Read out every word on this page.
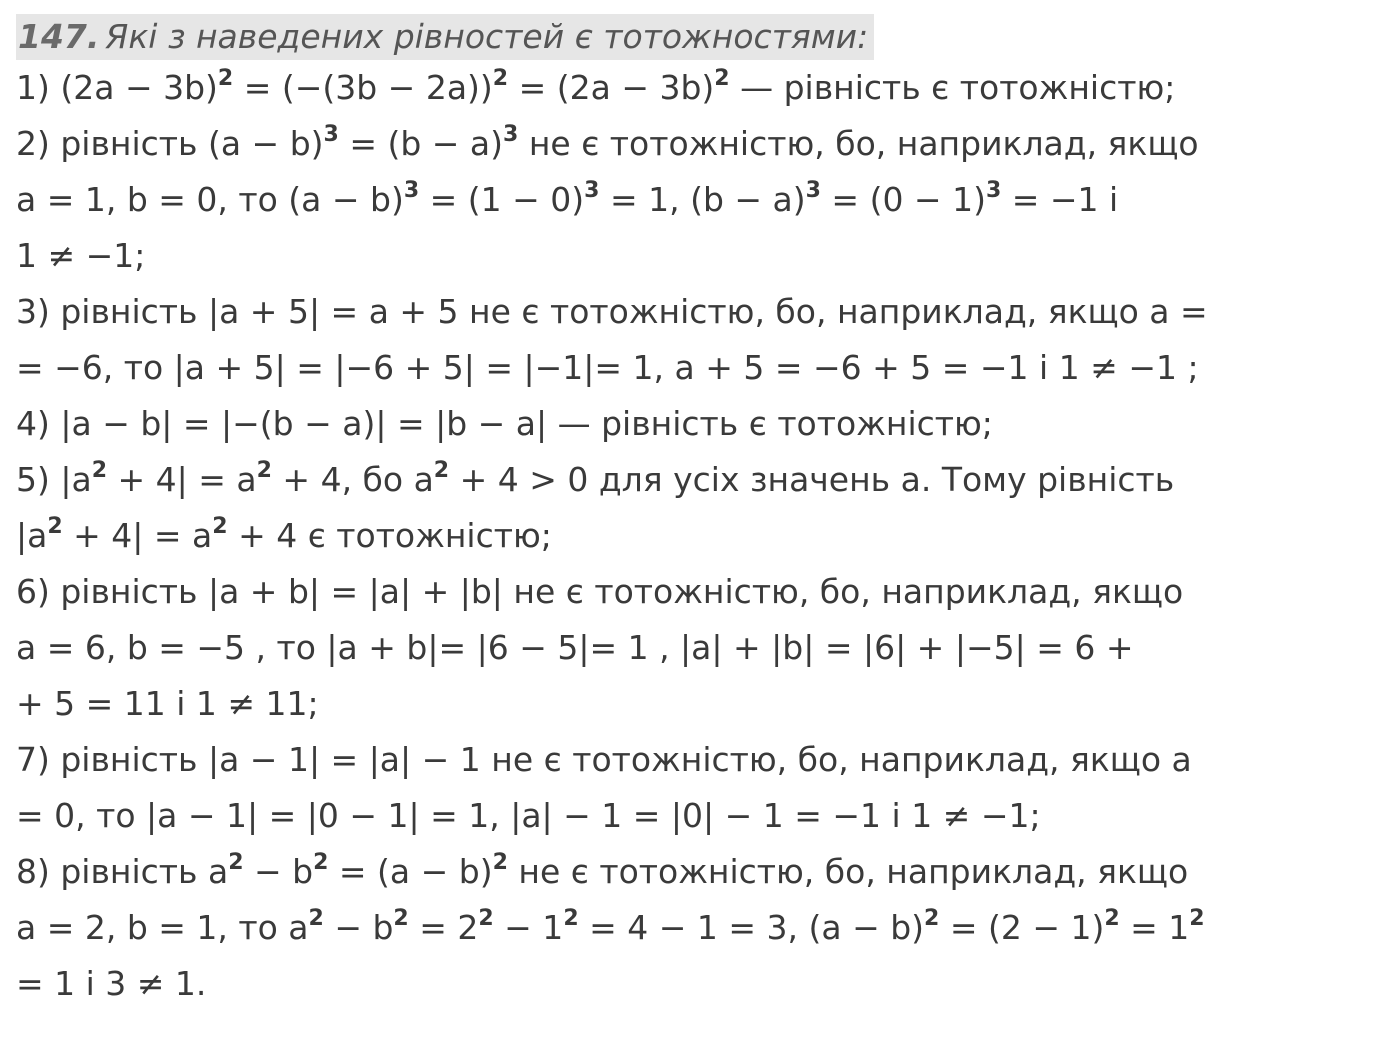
147. Які з наведених рівностей є тотожностями:
1) $(2a - 3b)^2 = (-(3b - 2a))^2 = (2a - 3b)^2$ — рівність є тотожністю;
2) рівність $(a - b)^3 = (b - a)^3$ не є тотожністю, бо, наприклад, якщо
a = 1, b = 0, то $(a - b)^3 = (1 - 0)^3 = 1$, $(b - a)^3 = (0 - 1)^3 = -1$ і
1 ≠ −1;
3) рівність |a + 5| = a + 5 не є тотожністю, бо, наприклад, якщо a =
= −6, то |a + 5| = |−6 + 5| = |−1|= 1, a + 5 = −6 + 5 = −1 і 1 ≠ −1 ;
4) |a − b| = |−(b − a)| = |b − a| — рівність є тотожністю;
5) $|a^2 + 4| = a^2 + 4$, бо $a^2 + 4 > 0$ для усіх значень a. Тому рівність
$|a^2 + 4| = a^2 + 4$ є тотожністю;
6) рівність |a + b| = |a| + |b| не є тотожністю, бо, наприклад, якщо
a = 6, b = −5 , то |a + b|= |6 − 5|= 1 , |a| + |b| = |6| + |−5| = 6 +
+ 5 = 11 і 1 ≠ 11;
7) рівність |a − 1| = |a| − 1 не є тотожністю, бо, наприклад, якщо a
= 0, то |a − 1| = |0 − 1| = 1, |a| − 1 = |0| − 1 = −1 і 1 ≠ −1;
8) рівність $a^2 - b^2 = (a - b)^2$ не є тотожністю, бо, наприклад, якщо
a = 2, b = 1, то $a^2 - b^2 = 2^2 - 1^2 = 4 - 1 = 3$, $(a - b)^2 = (2 - 1)^2 = 1^2$
= 1 і 3 ≠ 1.
